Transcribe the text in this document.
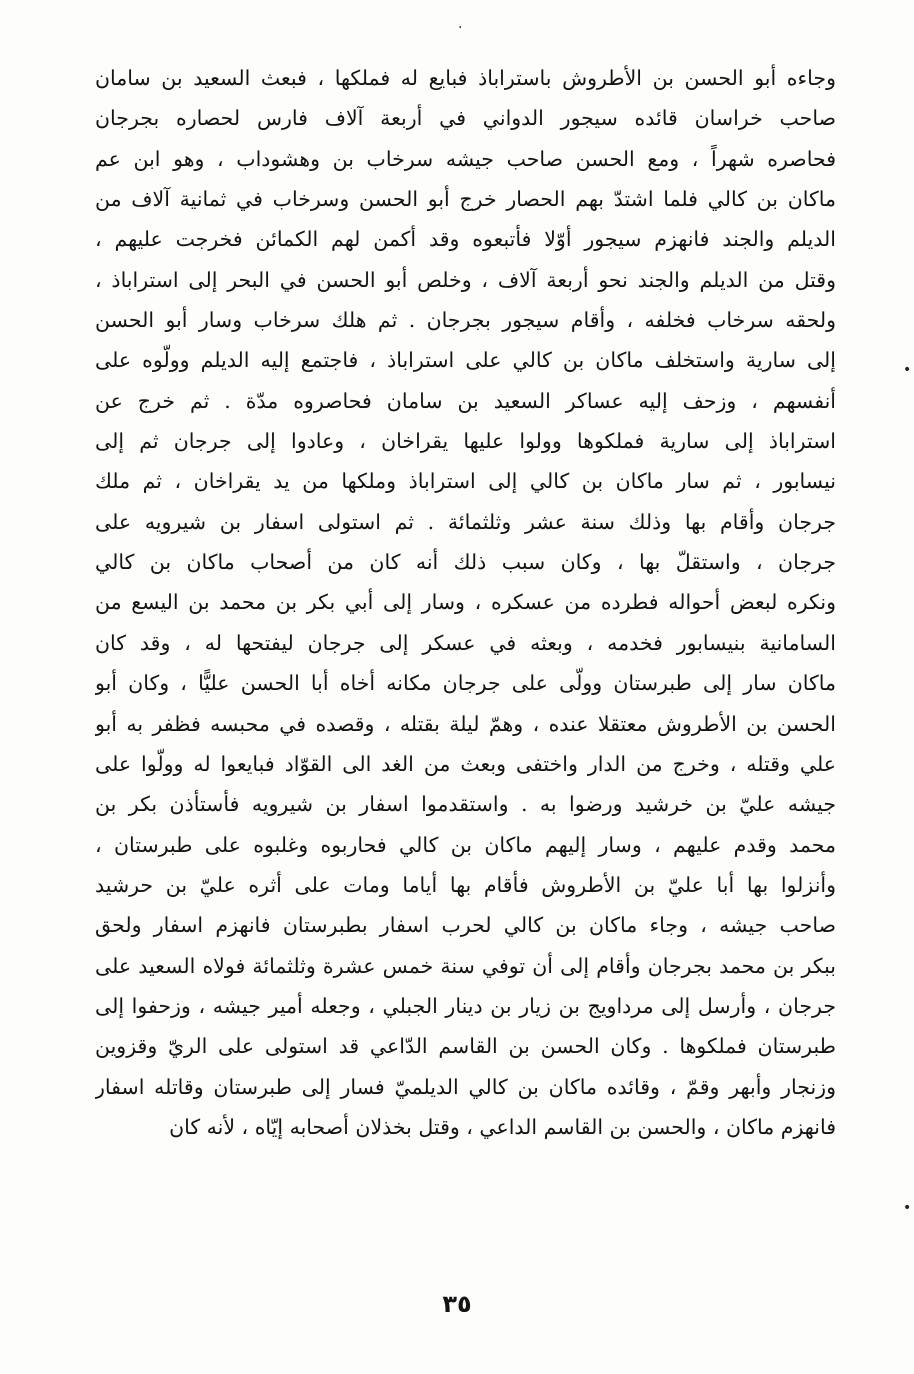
·
•
•
وجاءه أبو الحسن بن الأطروش باستراباذ فبايع له فملكها ، فبعث السعيد بن سامان
صاحب خراسان قائده سيجور الدواني في أربعة آلاف فارس لحصاره بجرجان
فحاصره شهراً ، ومع الحسن صاحب جيشه سرخاب بن وهشوداب ، وهو ابن عم
ماكان بن كالي فلما اشتدّ بهم الحصار خرج أبو الحسن وسرخاب في ثمانية آلاف من
الديلم والجند فانهزم سيجور أوّلا فأتبعوه وقد أكمن لهم الكمائن فخرجت عليهم ،
وقتل من الديلم والجند نحو أربعة آلاف ، وخلص أبو الحسن في البحر إلى استراباذ ،
ولحقه سرخاب فخلفه ، وأقام سيجور بجرجان . ثم هلك سرخاب وسار أبو الحسن
إلى سارية واستخلف ماكان بن كالي على استراباذ ، فاجتمع إليه الديلم وولّوه على
أنفسهم ، وزحف إليه عساكر السعيد بن سامان فحاصروه مدّة . ثم خرج عن
استراباذ إلى سارية فملكوها وولوا عليها يقراخان ، وعادوا إلى جرجان ثم إلى
نيسابور ، ثم سار ماكان بن كالي إلى استراباذ وملكها من يد يقراخان ، ثم ملك
جرجان وأقام بها وذلك سنة عشر وثلثمائة . ثم استولى اسفار بن شيرويه على
جرجان ، واستقلّ بها ، وكان سبب ذلك أنه كان من أصحاب ماكان بن كالي
ونكره لبعض أحواله فطرده من عسكره ، وسار إلى أبي بكر بن محمد بن اليسع من
السامانية بنيسابور فخدمه ، وبعثه في عسكر إلى جرجان ليفتحها له ، وقد كان
ماكان سار إلى طبرستان وولّى على جرجان مكانه أخاه أبا الحسن عليًّا ، وكان أبو
الحسن بن الأطروش معتقلا عنده ، وهمّ ليلة بقتله ، وقصده في محبسه فظفر به أبو
علي وقتله ، وخرج من الدار واختفى وبعث من الغد الى القوّاد فبايعوا له وولّوا على
جيشه عليّ بن خرشيد ورضوا به . واستقدموا اسفار بن شيرويه فأستأذن بكر بن
محمد وقدم عليهم ، وسار إليهم ماكان بن كالي فحاربوه وغلبوه على طبرستان ،
وأنزلوا بها أبا عليّ بن الأطروش فأقام بها أياما ومات على أثره عليّ بن حرشيد
صاحب جيشه ، وجاء ماكان بن كالي لحرب اسفار بطبرستان فانهزم اسفار ولحق
ببكر بن محمد بجرجان وأقام إلى أن توفي سنة خمس عشرة وثلثمائة فولاه السعيد على
جرجان ، وأرسل إلى مرداويج بن زيار بن دينار الجبلي ، وجعله أمير جيشه ، وزحفوا إلى
طبرستان فملكوها . وكان الحسن بن القاسم الدّاعي قد استولى على الريّ وقزوين
وزنجار وأبهر وقمّ ، وقائده ماكان بن كالي الديلميّ فسار إلى طبرستان وقاتله اسفار
فانهزم ماكان ، والحسن بن القاسم الداعي ، وقتل بخذلان أصحابه إيّاه ، لأنه كان
٣٥
